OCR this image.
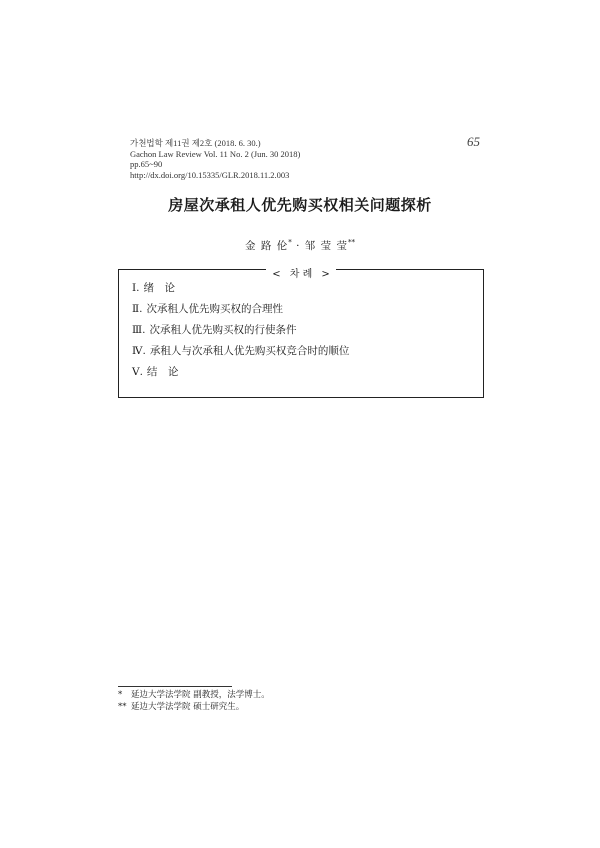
가천법학 제11권 제2호 (2018. 6. 30.)
Gachon Law Review Vol. 11 No. 2 (Jun. 30 2018)
pp.65~90
http://dx.doi.org/10.15335/GLR.2018.11.2.003
65
房屋次承租人优先购买权相关问题探析
金 路 伦* · 邹 莹 莹**
< 차 례 >
Ⅰ. 绪　论
Ⅱ. 次承租人优先购买权的合理性
Ⅲ. 次承租人优先购买权的行使条件
Ⅳ. 承租人与次承租人优先购买权竞合时的顺位
Ⅴ. 结　论
* 延边大学法学院 副教授，法学博士。
** 延边大学法学院 硕士研究生。
